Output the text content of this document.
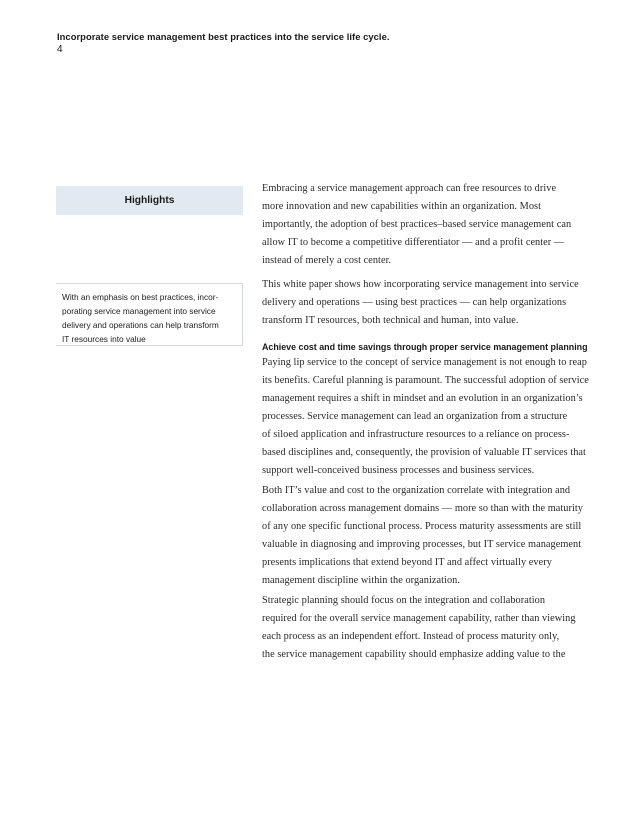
Incorporate service management best practices into the service life cycle.
4
Highlights
With an emphasis on best practices, incor-
porating service management into service
delivery and operations can help transform
IT resources into value
Embracing a service management approach can free resources to drive
more innovation and new capabilities within an organization. Most
importantly, the adoption of best practices–based service management can
allow IT to become a competitive differentiator — and a profit center —
instead of merely a cost center.
This white paper shows how incorporating service management into service
delivery and operations — using best practices — can help organizations
transform IT resources, both technical and human, into value.
Achieve cost and time savings through proper service management planning
Paying lip service to the concept of service management is not enough to reap
its benefits. Careful planning is paramount. The successful adoption of service
management requires a shift in mindset and an evolution in an organization’s
processes. Service management can lead an organization from a structure
of siloed application and infrastructure resources to a reliance on process-
based disciplines and, consequently, the provision of valuable IT services that
support well-conceived business processes and business services.
Both IT’s value and cost to the organization correlate with integration and
collaboration across management domains — more so than with the maturity
of any one specific functional process. Process maturity assessments are still
valuable in diagnosing and improving processes, but IT service management
presents implications that extend beyond IT and affect virtually every
management discipline within the organization.
Strategic planning should focus on the integration and collaboration
required for the overall service management capability, rather than viewing
each process as an independent effort. Instead of process maturity only,
the service management capability should emphasize adding value to the
